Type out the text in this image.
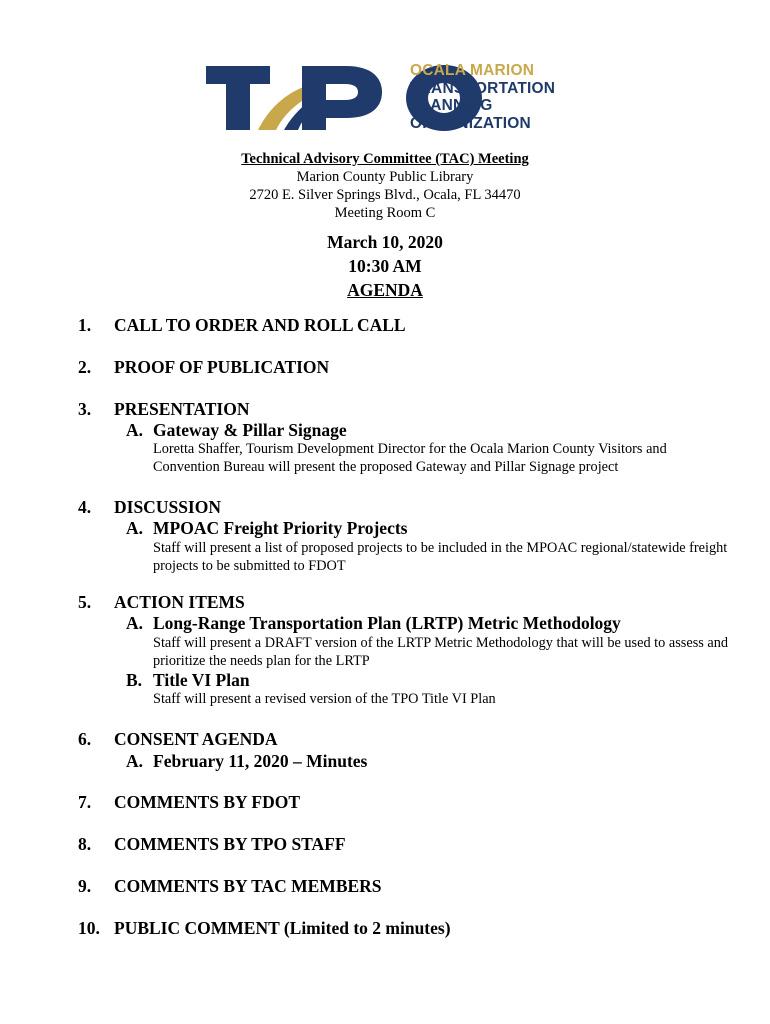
OCALA MARION
TRANSPORTATION
PLANNING
ORGANIZATION
Technical Advisory Committee (TAC) Meeting
Marion County Public Library
2720 E. Silver Springs Blvd., Ocala, FL 34470
Meeting Room C
March 10, 2020
10:30 AM
AGENDA
1. CALL TO ORDER AND ROLL CALL
2. PROOF OF PUBLICATION
3. PRESENTATION
A. Gateway & Pillar Signage
Loretta Shaffer, Tourism Development Director for the Ocala Marion County Visitors and Convention Bureau will present the proposed Gateway and Pillar Signage project
4. DISCUSSION
A. MPOAC Freight Priority Projects
Staff will present a list of proposed projects to be included in the MPOAC regional/statewide freight projects to be submitted to FDOT
5. ACTION ITEMS
A. Long-Range Transportation Plan (LRTP) Metric Methodology
Staff will present a DRAFT version of the LRTP Metric Methodology that will be used to assess and prioritize the needs plan for the LRTP
B. Title VI Plan
Staff will present a revised version of the TPO Title VI Plan
6. CONSENT AGENDA
A. February 11, 2020 – Minutes
7. COMMENTS BY FDOT
8. COMMENTS BY TPO STAFF
9. COMMENTS BY TAC MEMBERS
10. PUBLIC COMMENT (Limited to 2 minutes)
